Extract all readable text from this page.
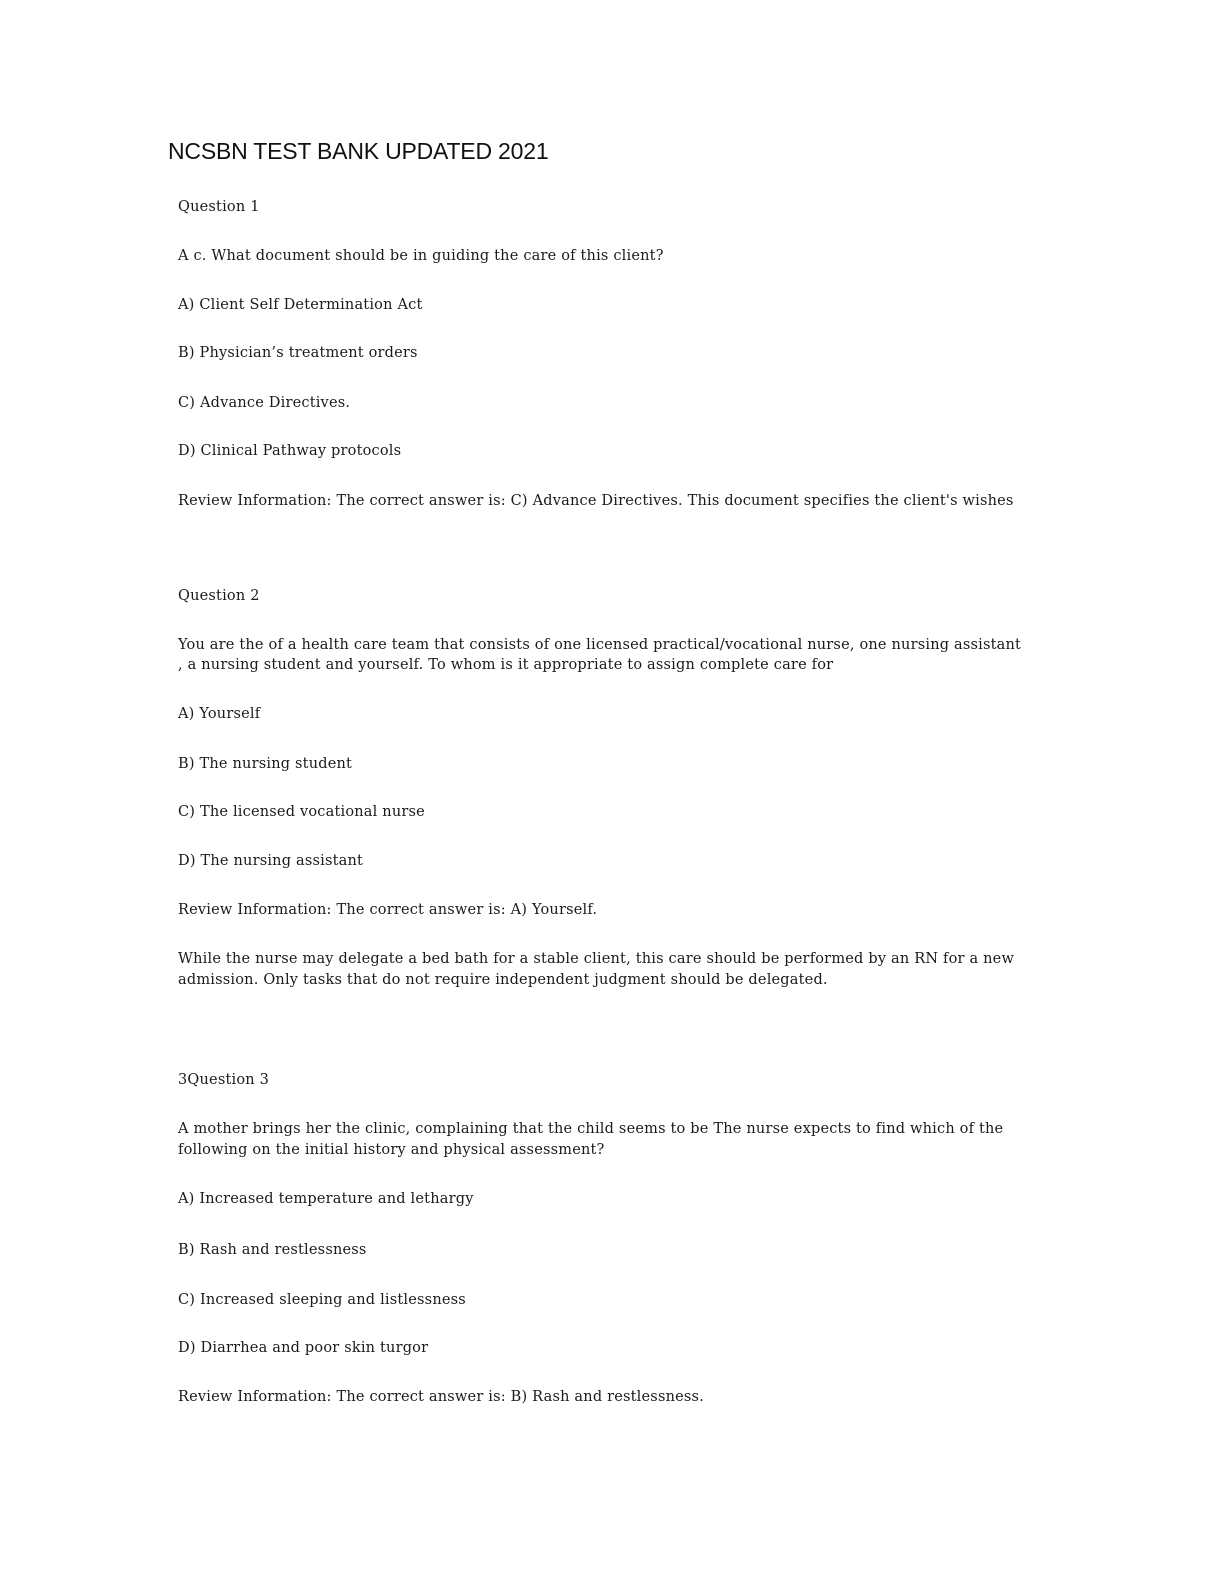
NCSBN TEST BANK UPDATED 2021
Question 1
A c. What document should be in guiding the care of this client?
A) Client Self Determination Act
B) Physician’s treatment orders
C) Advance Directives.
D) Clinical Pathway protocols
Review Information: The correct answer is: C) Advance Directives. This document specifies the client's wishes
Question 2
You are the of a health care team that consists of one licensed practical/vocational nurse, one nursing assistant
, a nursing student and yourself. To whom is it appropriate to assign complete care for
A) Yourself
B) The nursing student
C) The licensed vocational nurse
D) The nursing assistant
Review Information: The correct answer is: A) Yourself.
While the nurse may delegate a bed bath for a stable client, this care should be performed by an RN for a new
admission. Only tasks that do not require independent judgment should be delegated.
3Question 3
A mother brings her the clinic, complaining that the child seems to be The nurse expects to find which of the
following on the initial history and physical assessment?
A) Increased temperature and lethargy
B) Rash and restlessness
C) Increased sleeping and listlessness
D) Diarrhea and poor skin turgor
Review Information: The correct answer is: B) Rash and restlessness.
